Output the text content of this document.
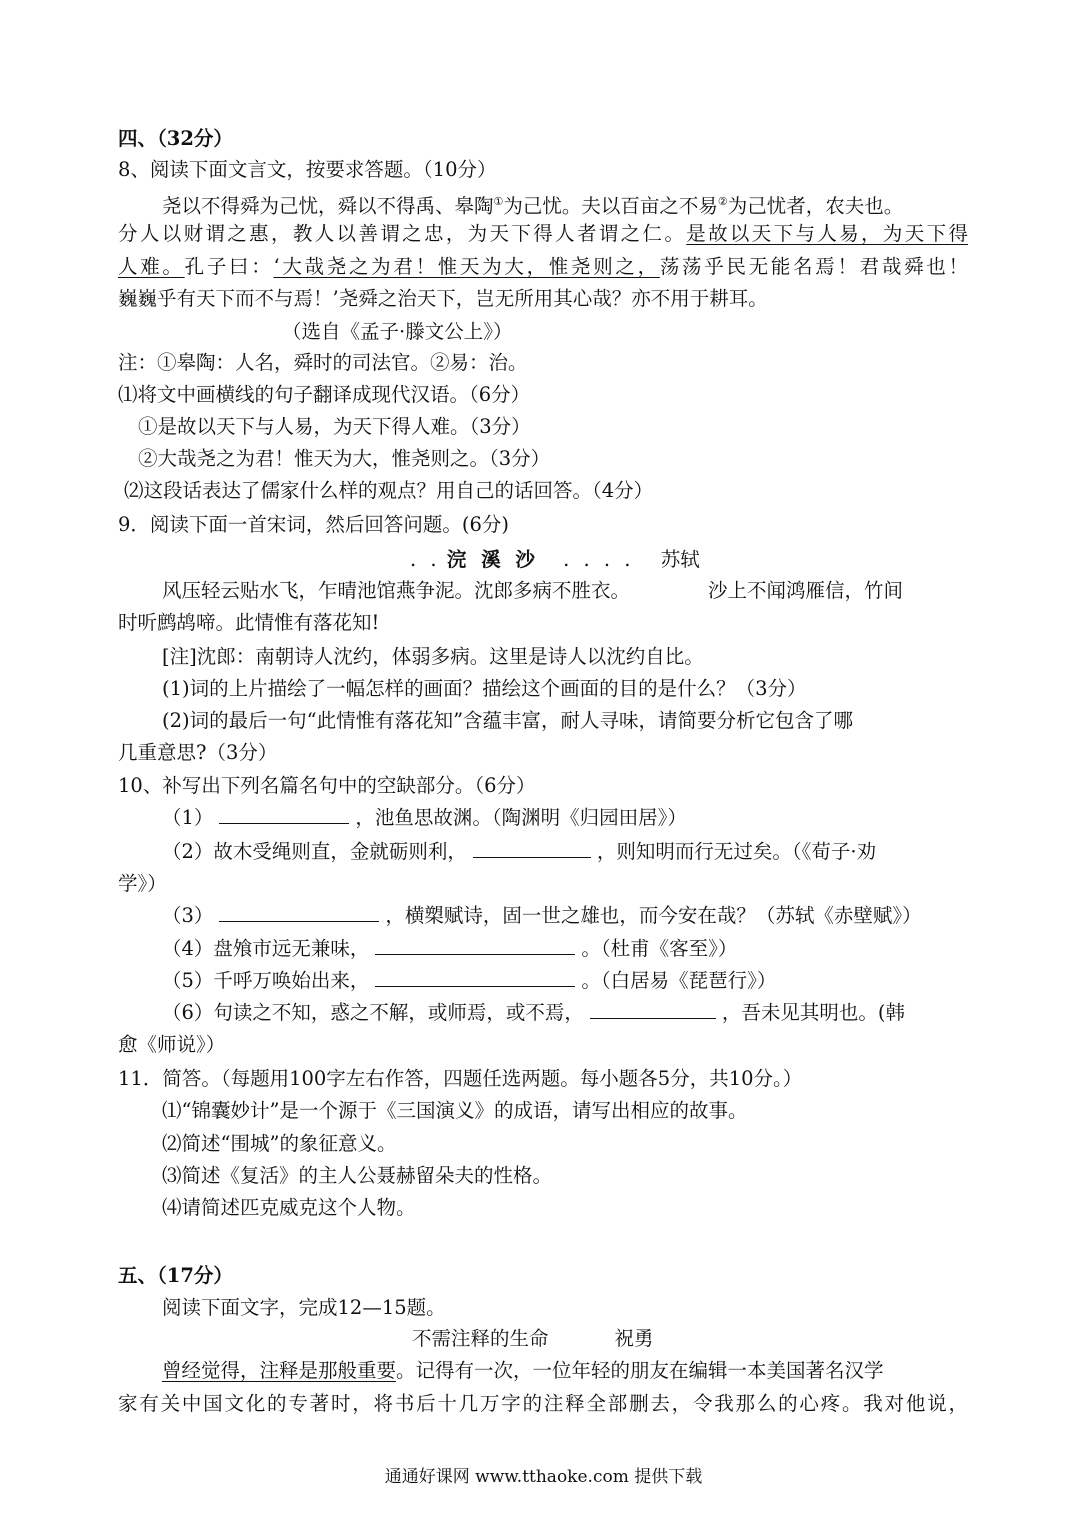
四、（32分）
8、阅读下面文言文，按要求答题。（10分）
尧以不得舜为己忧，舜以不得禹、皋陶①为己忧。夫以百亩之不易②为己忧者，农夫也。
分人以财谓之惠，教人以善谓之忠，为天下得人者谓之仁。是故以天下与人易，为天下得
人难。孔子曰：‘大哉尧之为君！惟天为大，惟尧则之，荡荡乎民无能名焉！君哉舜也！
巍巍乎有天下而不与焉！’尧舜之治天下，岂无所用其心哉？亦不用于耕耳。
（选自《孟子·滕文公上》）
注：①皋陶：人名，舜时的司法官。②易：治。
⑴将文中画横线的句子翻译成现代汉语。（6分）
①是故以天下与人易，为天下得人难。（3分）
②大哉尧之为君！惟天为大，惟尧则之。（3分）
⑵这段话表达了儒家什么样的观点？用自己的话回答。（4分）
9．阅读下面一首宋词，然后回答问题。(6分)
. . 浣 溪 沙 . . . . 苏轼
风压轻云贴水飞，乍晴池馆燕争泥。沈郎多病不胜衣。	沙上不闻鸿雁信，竹间
时听鹧鸪啼。此情惟有落花知!
[注]沈郎：南朝诗人沈约，体弱多病。这里是诗人以沈约自比。
(1)词的上片描绘了一幅怎样的画面？描绘这个画面的目的是什么？（3分）
(2)词的最后一句“此情惟有落花知”含蕴丰富，耐人寻味，请简要分析它包含了哪
几重意思?（3分）
10、补写出下列名篇名句中的空缺部分。（6分）
（1）	，池鱼思故渊。（陶渊明《归园田居》）
（2）故木受绳则直，金就砺则利，	，则知明而行无过矣。（《荀子·劝
学》）
（3）	，横槊赋诗，固一世之雄也，而今安在哉？（苏轼《赤壁赋》）
（4）盘飧市远无兼味，	。（杜甫《客至》）
（5）千呼万唤始出来，	。（白居易《琵琶行》）
（6）句读之不知，惑之不解，或师焉，或不焉，	，吾未见其明也。(韩
愈《师说》）
11．简答。（每题用100字左右作答，四题任选两题。每小题各5分，共10分。）
⑴“锦囊妙计”是一个源于《三国演义》的成语，请写出相应的故事。
⑵简述“围城”的象征意义。
⑶简述《复活》的主人公聂赫留朵夫的性格。
⑷请简述匹克威克这个人物。
五、（17分）
阅读下面文字，完成12—15题。
不需注释的生命	祝勇
曾经觉得，注释是那般重要。记得有一次，一位年轻的朋友在编辑一本美国著名汉学
家有关中国文化的专著时，将书后十几万字的注释全部删去，令我那么的心疼。我对他说，
通通好课网 www.tthaoke.com 提供下载
